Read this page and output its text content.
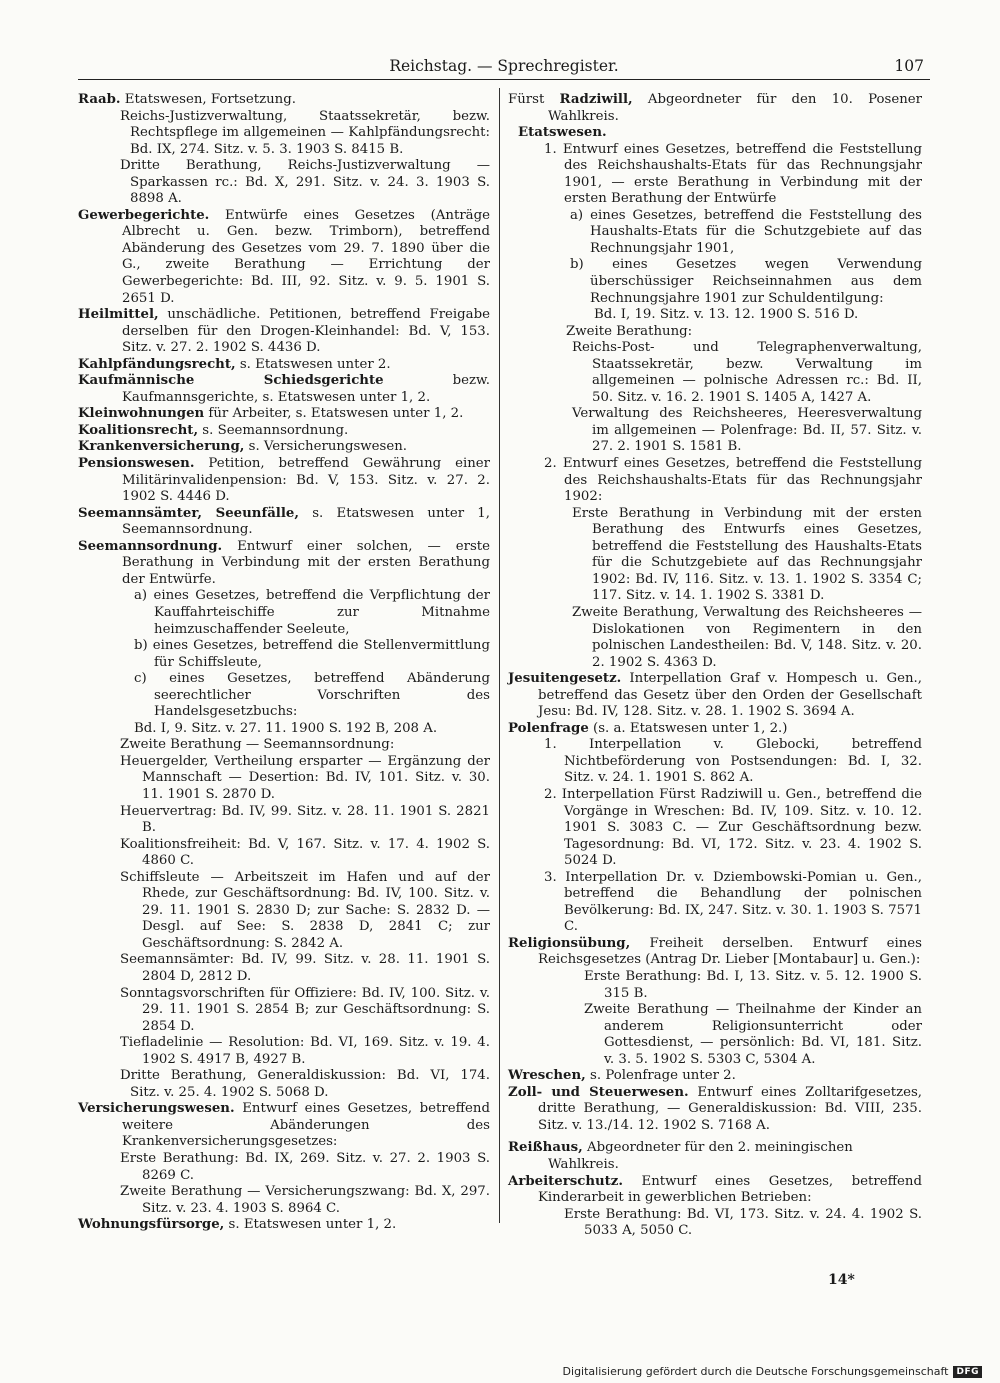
Reichstag. — Sprechregister.	107

Raab. Etatswesen, Fortsetzung.

Reichs-Justizverwaltung, Staatssekretär, bezw. Rechtspflege im allgemeinen — Kahlpfändungsrecht: Bd. IX, 274. Sitz. v. 5. 3. 1903 S. 8415 B.

Dritte Berathung, Reichs-Justizverwaltung — Sparkassen rc.: Bd. X, 291. Sitz. v. 24. 3. 1903 S. 8898 A.

Gewerbegerichte. Entwürfe eines Gesetzes (Anträge Albrecht u. Gen. bezw. Trimborn), betreffend Abänderung des Gesetzes vom 29. 7. 1890 über die G., zweite Berathung — Errichtung der Gewerbegerichte: Bd. III, 92. Sitz. v. 9. 5. 1901 S. 2651 D.

Heilmittel, unschädliche. Petitionen, betreffend Freigabe derselben für den Drogen-Kleinhandel: Bd. V, 153. Sitz. v. 27. 2. 1902 S. 4436 D.

Kahlpfändungsrecht, s. Etatswesen unter 2.

Kaufmännische Schiedsgerichte bezw. Kaufmannsgerichte, s. Etatswesen unter 1, 2.

Kleinwohnungen für Arbeiter, s. Etatswesen unter 1, 2.

Koalitionsrecht, s. Seemannsordnung.

Krankenversicherung, s. Versicherungswesen.

Pensionswesen. Petition, betreffend Gewährung einer Militärinvalidenpension: Bd. V, 153. Sitz. v. 27. 2. 1902 S. 4446 D.

Seemannsämter, Seeunfälle, s. Etatswesen unter 1, Seemannsordnung.

Seemannsordnung. Entwurf einer solchen, — erste Berathung in Verbindung mit der ersten Berathung der Entwürfe.

a) eines Gesetzes, betreffend die Verpflichtung der Kauffahrteischiffe zur Mitnahme heimzuschaffender Seeleute,

b) eines Gesetzes, betreffend die Stellenvermittlung für Schiffsleute,

c) eines Gesetzes, betreffend Abänderung seerechtlicher Vorschriften des Handelsgesetzbuchs:

Bd. I, 9. Sitz. v. 27. 11. 1900 S. 192 B, 208 A.

Zweite Berathung — Seemannsordnung:

Heuergelder, Vertheilung ersparter — Ergänzung der Mannschaft — Desertion: Bd. IV, 101. Sitz. v. 30. 11. 1901 S. 2870 D.

Heuervertrag: Bd. IV, 99. Sitz. v. 28. 11. 1901 S. 2821 B.

Koalitionsfreiheit: Bd. V, 167. Sitz. v. 17. 4. 1902 S. 4860 C.

Schiffsleute — Arbeitszeit im Hafen und auf der Rhede, zur Geschäftsordnung: Bd. IV, 100. Sitz. v. 29. 11. 1901 S. 2830 D; zur Sache: S. 2832 D. — Desgl. auf See: S. 2838 D, 2841 C; zur Geschäftsordnung: S. 2842 A.

Seemannsämter: Bd. IV, 99. Sitz. v. 28. 11. 1901 S. 2804 D, 2812 D.

Sonntagsvorschriften für Offiziere: Bd. IV, 100. Sitz. v. 29. 11. 1901 S. 2854 B; zur Geschäftsordnung: S. 2854 D.

Tiefladelinie — Resolution: Bd. VI, 169. Sitz. v. 19. 4. 1902 S. 4917 B, 4927 B.

Dritte Berathung, Generaldiskussion: Bd. VI, 174. Sitz. v. 25. 4. 1902 S. 5068 D.

Versicherungswesen. Entwurf eines Gesetzes, betreffend weitere Abänderungen des Krankenversicherungsgesetzes:

Erste Berathung: Bd. IX, 269. Sitz. v. 27. 2. 1903 S. 8269 C.

Zweite Berathung — Versicherungszwang: Bd. X, 297. Sitz. v. 23. 4. 1903 S. 8964 C.

Wohnungsfürsorge, s. Etatswesen unter 1, 2.

Fürst Radziwill, Abgeordneter für den 10. Posener Wahlkreis.

Etatswesen.

1. Entwurf eines Gesetzes, betreffend die Feststellung des Reichshaushalts-Etats für das Rechnungsjahr 1901, — erste Berathung in Verbindung mit der ersten Berathung der Entwürfe

a) eines Gesetzes, betreffend die Feststellung des Haushalts-Etats für die Schutzgebiete auf das Rechnungsjahr 1901,

b) eines Gesetzes wegen Verwendung überschüssiger Reichseinnahmen aus dem Rechnungsjahre 1901 zur Schuldentilgung:

Bd. I, 19. Sitz. v. 13. 12. 1900 S. 516 D.

Zweite Berathung:

Reichs-Post- und Telegraphenverwaltung, Staatssekretär, bezw. Verwaltung im allgemeinen — polnische Adressen rc.: Bd. II, 50. Sitz. v. 16. 2. 1901 S. 1405 A, 1427 A.

Verwaltung des Reichsheeres, Heeresverwaltung im allgemeinen — Polenfrage: Bd. II, 57. Sitz. v. 27. 2. 1901 S. 1581 B.

2. Entwurf eines Gesetzes, betreffend die Feststellung des Reichshaushalts-Etats für das Rechnungsjahr 1902:

Erste Berathung in Verbindung mit der ersten Berathung des Entwurfs eines Gesetzes, betreffend die Feststellung des Haushalts-Etats für die Schutzgebiete auf das Rechnungsjahr 1902: Bd. IV, 116. Sitz. v. 13. 1. 1902 S. 3354 C; 117. Sitz. v. 14. 1. 1902 S. 3381 D.

Zweite Berathung, Verwaltung des Reichsheeres — Dislokationen von Regimentern in den polnischen Landestheilen: Bd. V, 148. Sitz. v. 20. 2. 1902 S. 4363 D.

Jesuitengesetz. Interpellation Graf v. Hompesch u. Gen., betreffend das Gesetz über den Orden der Gesellschaft Jesu: Bd. IV, 128. Sitz. v. 28. 1. 1902 S. 3694 A.

Polenfrage (s. a. Etatswesen unter 1, 2.)

1. Interpellation v. Glebocki, betreffend Nichtbeförderung von Postsendungen: Bd. I, 32. Sitz. v. 24. 1. 1901 S. 862 A.

2. Interpellation Fürst Radziwill u. Gen., betreffend die Vorgänge in Wreschen: Bd. IV, 109. Sitz. v. 10. 12. 1901 S. 3083 C. — Zur Geschäftsordnung bezw. Tagesordnung: Bd. VI, 172. Sitz. v. 23. 4. 1902 S. 5024 D.

3. Interpellation Dr. v. Dziembowski-Pomian u. Gen., betreffend die Behandlung der polnischen Bevölkerung: Bd. IX, 247. Sitz. v. 30. 1. 1903 S. 7571 C.

Religionsübung, Freiheit derselben. Entwurf eines Reichsgesetzes (Antrag Dr. Lieber [Montabaur] u. Gen.):

Erste Berathung: Bd. I, 13. Sitz. v. 5. 12. 1900 S. 315 B.

Zweite Berathung — Theilnahme der Kinder an anderem Religionsunterricht oder Gottesdienst, — persönlich: Bd. VI, 181. Sitz. v. 3. 5. 1902 S. 5303 C, 5304 A.

Wreschen, s. Polenfrage unter 2.

Zoll- und Steuerwesen. Entwurf eines Zolltarifgesetzes, dritte Berathung, — Generaldiskussion: Bd. VIII, 235. Sitz. v. 13./14. 12. 1902 S. 7168 A.

Reißhaus, Abgeordneter für den 2. meiningischen Wahlkreis.

Arbeiterschutz. Entwurf eines Gesetzes, betreffend Kinderarbeit in gewerblichen Betrieben:

Erste Berathung: Bd. VI, 173. Sitz. v. 24. 4. 1902 S. 5033 A, 5050 C.

14*
Digitalisierung gefördert durch die Deutsche Forschungsgemeinschaft DFG
